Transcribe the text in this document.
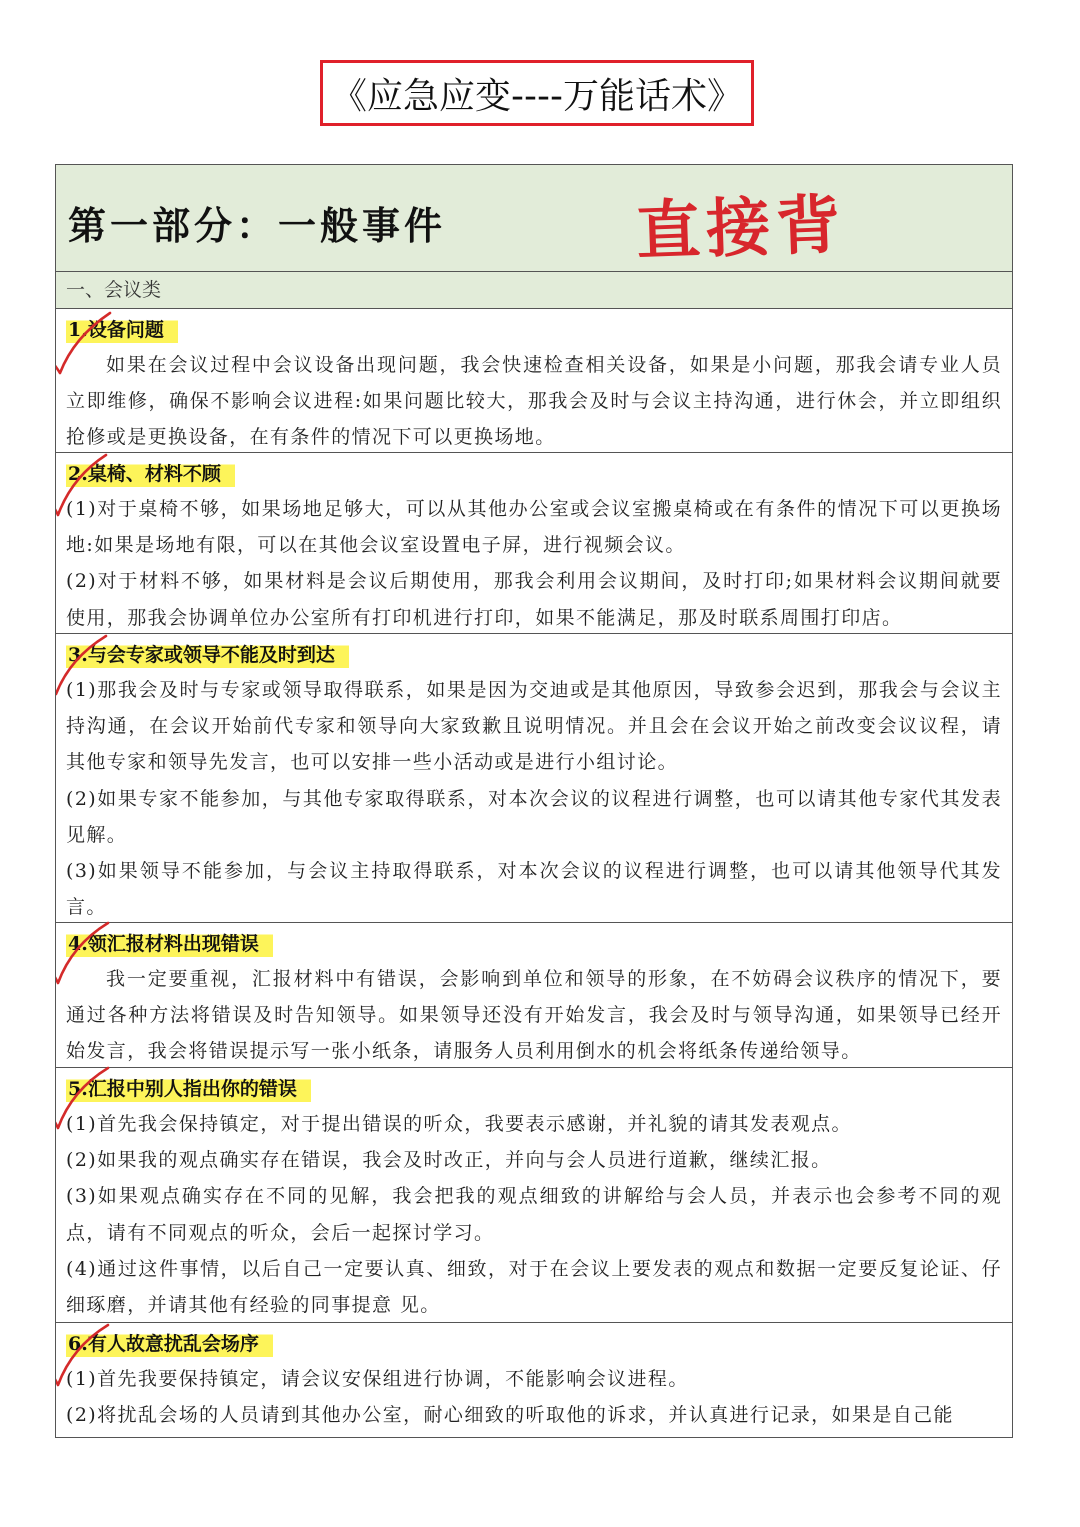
《应急应变----万能话术》
第一部分：一般事件	直接背
一、会议类
1.设备问题

如果在会议过程中会议设备出现问题，我会快速检查相关设备，如果是小问题，那我会请专业人员立即维修，确保不影响会议进程:如果问题比较大，那我会及时与会议主持沟通，进行休会，并立即组织抢修或是更换设备，在有条件的情况下可以更换场地。

2.桌椅、材料不顾

(1)对于桌椅不够，如果场地足够大，可以从其他办公室或会议室搬桌椅或在有条件的情况下可以更换场地:如果是场地有限，可以在其他会议室设置电子屏，进行视频会议。

(2)对于材料不够，如果材料是会议后期使用，那我会利用会议期间，及时打印;如果材料会议期间就要使用，那我会协调单位办公室所有打印机进行打印，如果不能满足，那及时联系周围打印店。

3.与会专家或领导不能及时到达

(1)那我会及时与专家或领导取得联系，如果是因为交迪或是其他原因，导致参会迟到，那我会与会议主持沟通，在会议开始前代专家和领导向大家致歉且说明情况。并且会在会议开始之前改变会议议程，请其他专家和领导先发言，也可以安排一些小活动或是进行小组讨论。

(2)如果专家不能参加，与其他专家取得联系，对本次会议的议程进行调整，也可以请其他专家代其发表见解。

(3)如果领导不能参加，与会议主持取得联系，对本次会议的议程进行调整，也可以请其他领导代其发言。

4.领汇报材料出现错误

我一定要重视，汇报材料中有错误，会影响到单位和领导的形象，在不妨碍会议秩序的情况下，要通过各种方法将错误及时告知领导。如果领导还没有开始发言，我会及时与领导沟通，如果领导已经开始发言，我会将错误提示写一张小纸条，请服务人员利用倒水的机会将纸条传递给领导。

5.汇报中别人指出你的错误

(1)首先我会保持镇定，对于提出错误的听众，我要表示感谢，并礼貌的请其发表观点。

(2)如果我的观点确实存在错误，我会及时改正，并向与会人员进行道歉，继续汇报。

(3)如果观点确实存在不同的见解，我会把我的观点细致的讲解给与会人员，并表示也会参考不同的观点，请有不同观点的听众，会后一起探讨学习。

(4)通过这件事情，以后自己一定要认真、细致，对于在会议上要发表的观点和数据一定要反复论证、仔细琢磨，并请其他有经验的同事提意 见。

6.有人故意扰乱会场序

(1)首先我要保持镇定，请会议安保组进行协调，不能影响会议进程。

(2)将扰乱会场的人员请到其他办公室，耐心细致的听取他的诉求，并认真进行记录，如果是自己能
